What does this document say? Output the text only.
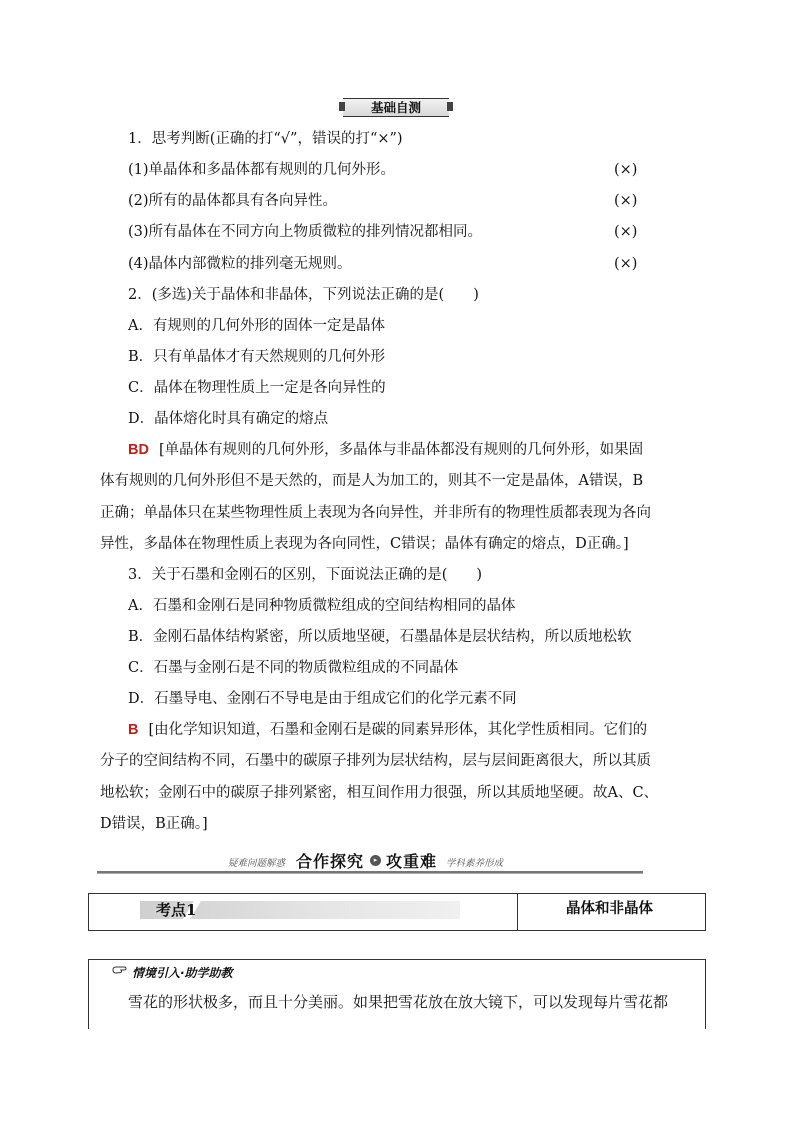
基础自测
1．思考判断(正确的打“√”，错误的打“×”)
(1)单晶体和多晶体都有规则的几何外形。	(×)
(2)所有的晶体都具有各向异性。	(×)
(3)所有晶体在不同方向上物质微粒的排列情况都相同。	(×)
(4)晶体内部微粒的排列毫无规则。	(×)
2．(多选)关于晶体和非晶体，下列说法正确的是(　　)
A．有规则的几何外形的固体一定是晶体
B．只有单晶体才有天然规则的几何外形
C．晶体在物理性质上一定是各向异性的
D．晶体熔化时具有确定的熔点
BD [单晶体有规则的几何外形，多晶体与非晶体都没有规则的几何外形，如果固
体有规则的几何外形但不是天然的，而是人为加工的，则其不一定是晶体，A错误，B
正确；单晶体只在某些物理性质上表现为各向异性，并非所有的物理性质都表现为各向
异性，多晶体在物理性质上表现为各向同性，C错误；晶体有确定的熔点，D正确。]
3．关于石墨和金刚石的区别，下面说法正确的是(　　)
A．石墨和金刚石是同种物质微粒组成的空间结构相同的晶体
B．金刚石晶体结构紧密，所以质地坚硬，石墨晶体是层状结构，所以质地松软
C．石墨与金刚石是不同的物质微粒组成的不同晶体
D．石墨导电、金刚石不导电是由于组成它们的化学元素不同
B [由化学知识知道，石墨和金刚石是碳的同素异形体，其化学性质相同。它们的
分子的空间结构不同，石墨中的碳原子排列为层状结构，层与层间距离很大，所以其质
地松软；金刚石中的碳原子排列紧密，相互间作用力很强，所以其质地坚硬。故A、C、
D错误，B正确。]
疑难问题解惑 合作探究	▸ 攻重难 学科素养形成
考点1	晶体和非晶体
情境引入·助学助教
雪花的形状极多，而且十分美丽。如果把雪花放在放大镜下，可以发现每片雪花都
